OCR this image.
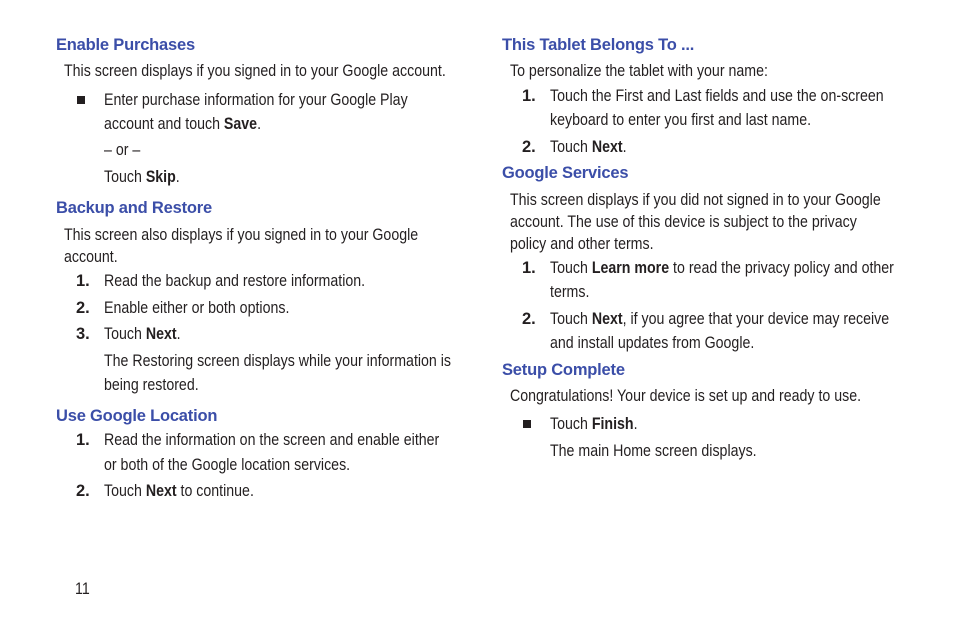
Enable Purchases
This screen displays if you signed in to your Google account.
Enter purchase information for your Google Play
account and touch Save.
– or –
Touch Skip.
Backup and Restore
This screen also displays if you signed in to your Google
account.
1. Read the backup and restore information.
2. Enable either or both options.
3. Touch Next.
The Restoring screen displays while your information is
being restored.
Use Google Location
1. Read the information on the screen and enable either
or both of the Google location services.
2. Touch Next to continue.
11
This Tablet Belongs To ...
To personalize the tablet with your name:
1. Touch the First and Last fields and use the on-screen
keyboard to enter you first and last name.
2. Touch Next.
Google Services
This screen displays if you did not signed in to your Google
account. The use of this device is subject to the privacy
policy and other terms.
1. Touch Learn more to read the privacy policy and other
terms.
2. Touch Next, if you agree that your device may receive
and install updates from Google.
Setup Complete
Congratulations! Your device is set up and ready to use.
Touch Finish.
The main Home screen displays.
